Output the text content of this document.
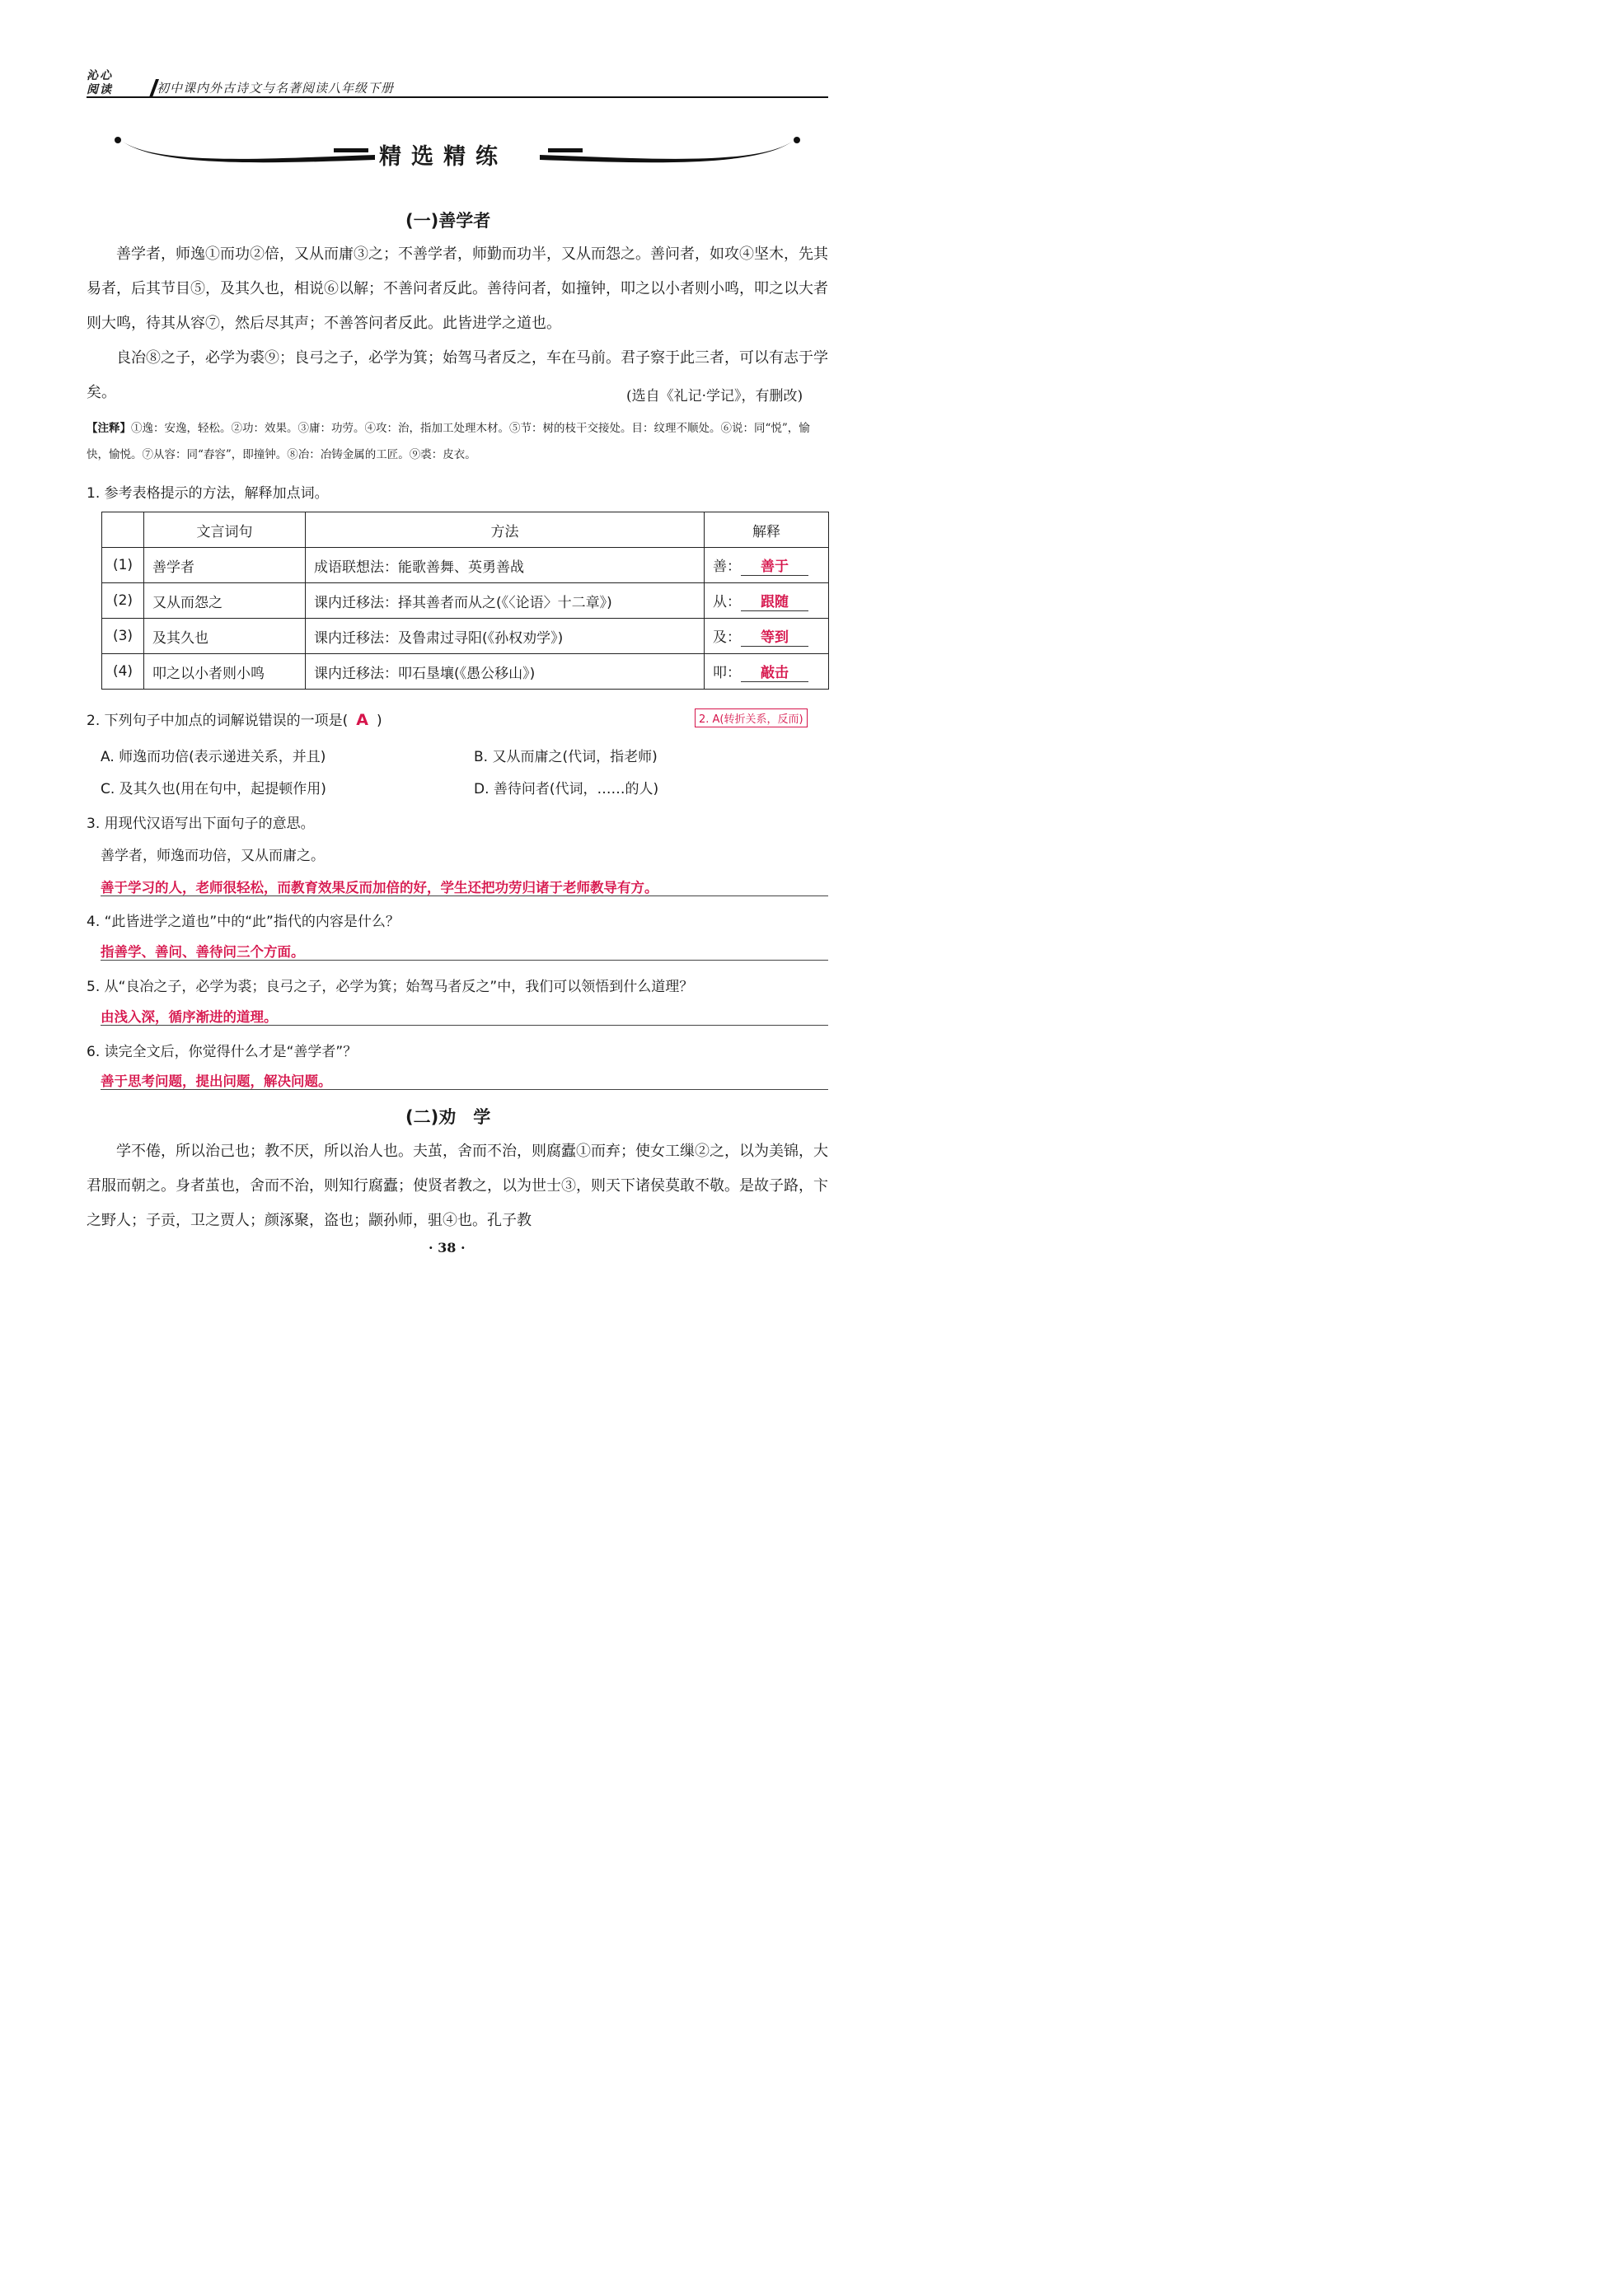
沁心
阅读	初中课内外古诗文与名著阅读八年级下册
精选精练
(一)善学者

善学者，师逸①而功②倍，又从而庸③之；不善学者，师勤而功半，又从而怨之。善问者，如攻④坚木，先其易者，后其节目⑤，及其久也，相说⑥以解；不善问者反此。善待问者，如撞钟，叩之以小者则小鸣，叩之以大者则大鸣，待其从容⑦，然后尽其声；不善答问者反此。此皆进学之道也。

良冶⑧之子，必学为裘⑨；良弓之子，必学为箕；始驾马者反之，车在马前。君子察于此三者，可以有志于学矣。	(选自《礼记·学记》，有删改)
【注释】①逸：安逸，轻松。②功：效果。③庸：功劳。④攻：治，指加工处理木材。⑤节：树的枝干交接处。目：纹理不顺处。⑥说：同“悦”，愉快，愉悦。⑦从容：同“舂容”，即撞钟。⑧冶：冶铸金属的工匠。⑨裘：皮衣。
1. 参考表格提示的方法，解释加点词。
	文言词句	方法	解释
(1)	善学者	成语联想法：能歌善舞、英勇善战	善： 善于
(2)	又从而怨之	课内迁移法：择其善者而从之(《〈论语〉十二章》)	从： 跟随
(3)	及其久也	课内迁移法：及鲁肃过寻阳(《孙权劝学》)	及： 等到
(4)	叩之以小者则小鸣	课内迁移法：叩石垦壤(《愚公移山》)	叩： 敲击
2. 下列句子中加点的词解说错误的一项是( A )	2. A(转折关系，反而)
A. 师逸而功倍(表示递进关系，并且)	B. 又从而庸之(代词，指老师)
C. 及其久也(用在句中，起提顿作用)	D. 善待问者(代词，……的人)
3. 用现代汉语写出下面句子的意思。
善学者，师逸而功倍，又从而庸之。
善于学习的人，老师很轻松，而教育效果反而加倍的好，学生还把功劳归诸于老师教导有方。
4. “此皆进学之道也”中的“此”指代的内容是什么？
指善学、善问、善待问三个方面。
5. 从“良冶之子，必学为裘；良弓之子，必学为箕；始驾马者反之”中，我们可以领悟到什么道理？
由浅入深，循序渐进的道理。
6. 读完全文后，你觉得什么才是“善学者”？
善于思考问题，提出问题，解决问题。
(二)劝　学

学不倦，所以治己也；教不厌，所以治人也。夫茧，舍而不治，则腐蠹①而弃；使女工缫②之，以为美锦，大君服而朝之。身者茧也，舍而不治，则知行腐蠹；使贤者教之，以为世士③，则天下诸侯莫敢不敬。是故子路，卞之野人；子贡，卫之贾人；颜涿聚，盗也；颛孙师，驵④也。孔子教

· 38 ·
